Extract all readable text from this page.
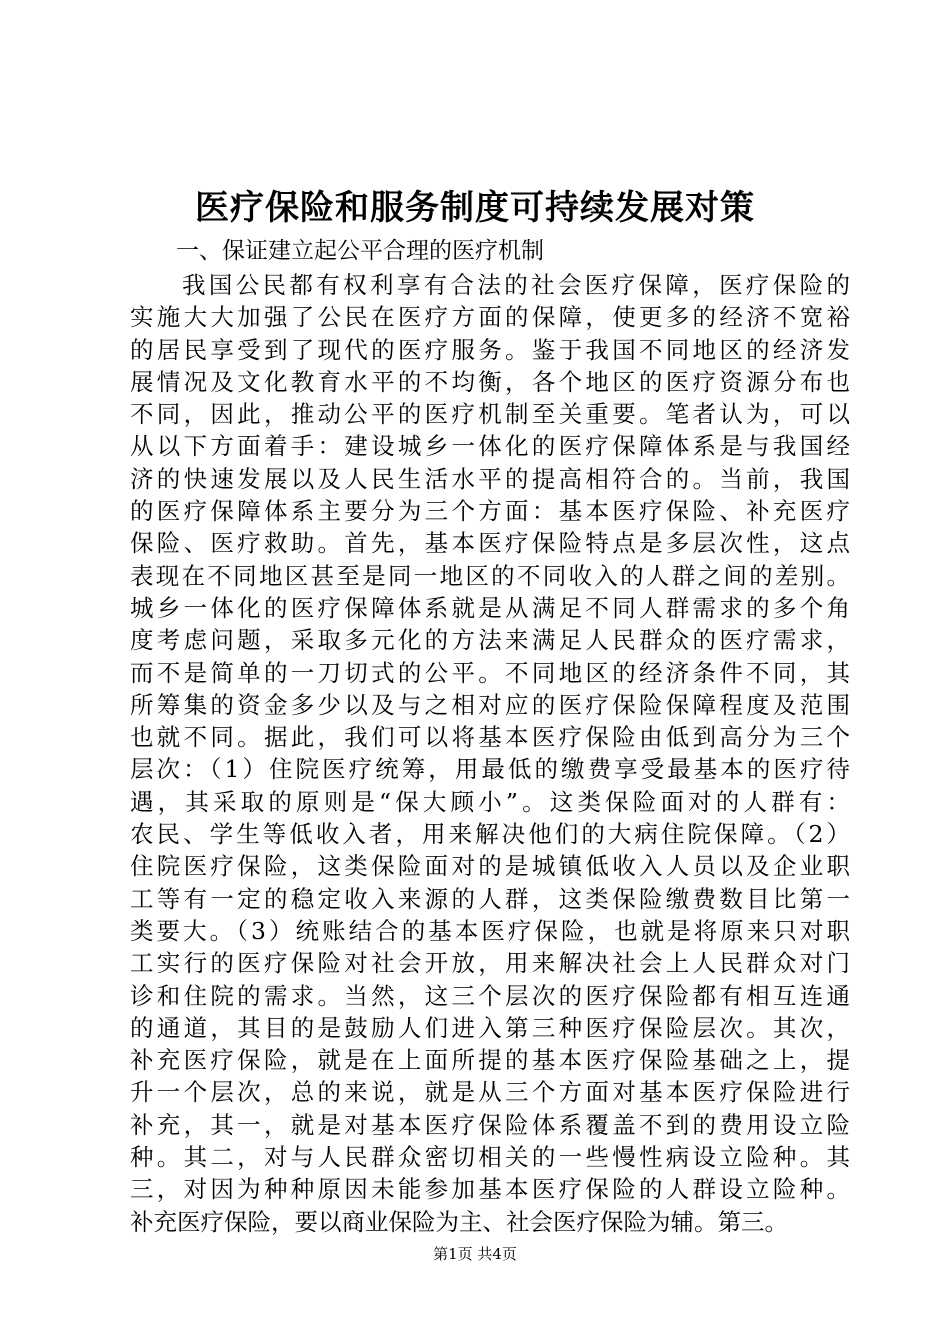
医疗保险和服务制度可持续发展对策
一、保证建立起公平合理的医疗机制
我国公民都有权利享有合法的社会医疗保障，医疗保险的
实施大大加强了公民在医疗方面的保障，使更多的经济不宽裕
的居民享受到了现代的医疗服务。鉴于我国不同地区的经济发
展情况及文化教育水平的不均衡，各个地区的医疗资源分布也
不同，因此，推动公平的医疗机制至关重要。笔者认为，可以
从以下方面着手：建设城乡一体化的医疗保障体系是与我国经
济的快速发展以及人民生活水平的提高相符合的。当前，我国
的医疗保障体系主要分为三个方面：基本医疗保险、补充医疗
保险、医疗救助。首先，基本医疗保险特点是多层次性，这点
表现在不同地区甚至是同一地区的不同收入的人群之间的差别。
城乡一体化的医疗保障体系就是从满足不同人群需求的多个角
度考虑问题，采取多元化的方法来满足人民群众的医疗需求，
而不是简单的一刀切式的公平。不同地区的经济条件不同，其
所筹集的资金多少以及与之相对应的医疗保险保障程度及范围
也就不同。据此，我们可以将基本医疗保险由低到高分为三个
层次：（1）住院医疗统筹，用最低的缴费享受最基本的医疗待
遇，其采取的原则是“保大顾小”。这类保险面对的人群有：
农民、学生等低收入者，用来解决他们的大病住院保障。（2）
住院医疗保险，这类保险面对的是城镇低收入人员以及企业职
工等有一定的稳定收入来源的人群，这类保险缴费数目比第一
类要大。（3）统账结合的基本医疗保险，也就是将原来只对职
工实行的医疗保险对社会开放，用来解决社会上人民群众对门
诊和住院的需求。当然，这三个层次的医疗保险都有相互连通
的通道，其目的是鼓励人们进入第三种医疗保险层次。其次，
补充医疗保险，就是在上面所提的基本医疗保险基础之上，提
升一个层次，总的来说，就是从三个方面对基本医疗保险进行
补充，其一，就是对基本医疗保险体系覆盖不到的费用设立险
种。其二，对与人民群众密切相关的一些慢性病设立险种。其
三，对因为种种原因未能参加基本医疗保险的人群设立险种。
补充医疗保险，要以商业保险为主、社会医疗保险为辅。第三。
第1页 共4页
